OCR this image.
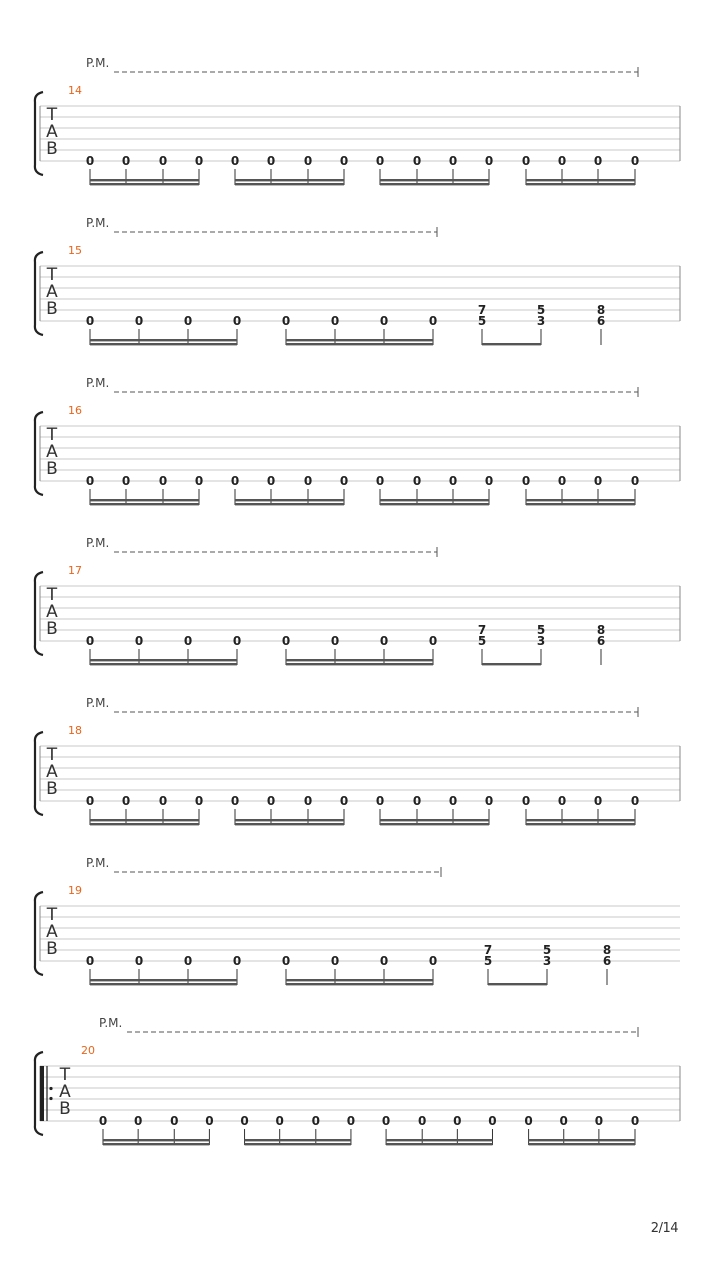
P.M.
14
T
A
B
0 0 0 0 0 0 0 0 0 0 0 0 0 0 0 0
P.M.
15
T
A
B
0	0	0	0	0	0	0	0
7
5
5
3
8
6
P.M.
16
T
A
B
0 0 0 0 0 0 0 0 0 0 0 0 0 0 0 0
P.M.
17
T
A
B
0	0	0	0	0	0	0	0
7
5
5
3
8
6
P.M.
18
T
A
B
0 0 0 0 0 0 0 0 0 0 0 0 0 0 0 0
P.M.
19
T
A
B
0	0	0	0	0	0	0	0
7
5
5
3
8
6
P.M.
20
T
A
B
0 0 0 0 0 0 0 0 0 0 0 0 0 0 0 0
2/14
